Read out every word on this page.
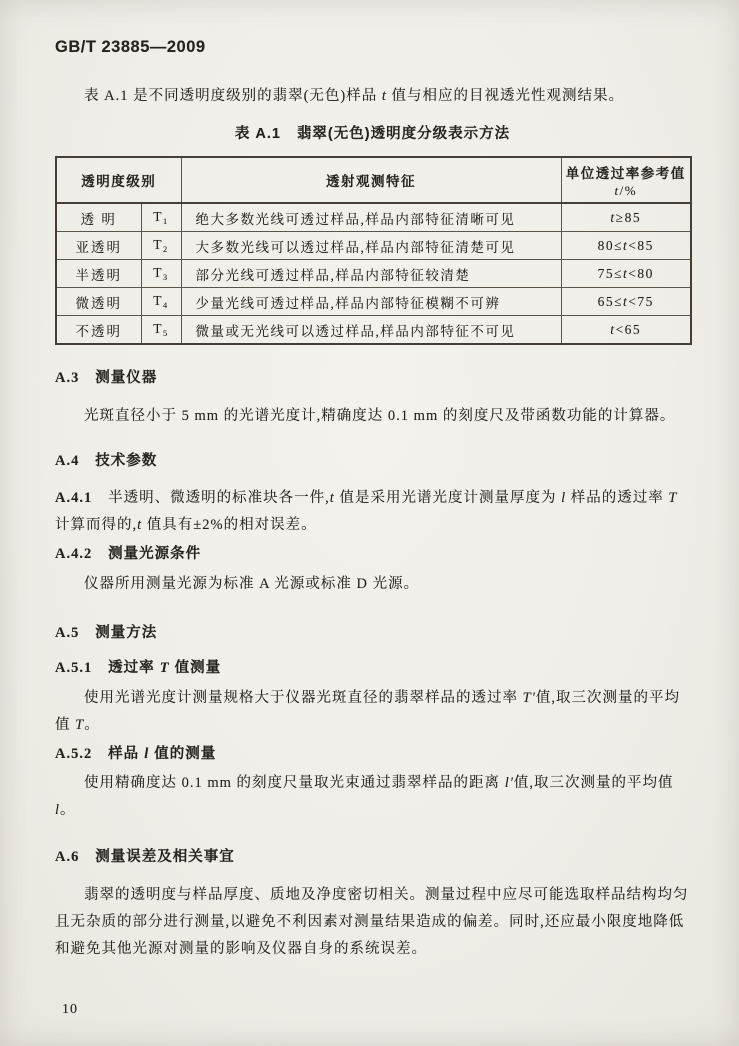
GB/T 23885—2009

表 A.1 是不同透明度级别的翡翠(无色)样品 t 值与相应的目视透光性观测结果。

表 A.1 翡翠(无色)透明度分级表示方法
透明度级别		透射观测特征	单位透过率参考值
t/%

透 明	$T_1$	绝大多数光线可透过样品,样品内部特征清晰可见	t≥85
亚透明	$T_2$	大多数光线可以透过样品,样品内部特征清楚可见	80≤t<85
半透明	$T_3$	部分光线可透过样品,样品内部特征较清楚	75≤t<80
微透明	$T_4$	少量光线可透过样品,样品内部特征模糊不可辨	65≤t<75
不透明	$T_5$	微量或无光线可以透过样品,样品内部特征不可见	t<65
A.3 测量仪器

光斑直径小于 5 mm 的光谱光度计,精确度达 0.1 mm 的刻度尺及带函数功能的计算器。

A.4 技术参数

A.4.1 半透明、微透明的标准块各一件,t 值是采用光谱光度计测量厚度为 l 样品的透过率 T 计算而得的,t 值具有±2%的相对误差。

A.4.2 测量光源条件

仪器所用测量光源为标准 A 光源或标准 D 光源。

A.5 测量方法
A.5.1 透过率 T 值测量

使用光谱光度计测量规格大于仪器光斑直径的翡翠样品的透过率 T′值,取三次测量的平均值 T。

A.5.2 样品 l 值的测量

使用精确度达 0.1 mm 的刻度尺量取光束通过翡翠样品的距离 l′值,取三次测量的平均值 l。

A.6 测量误差及相关事宜

翡翠的透明度与样品厚度、质地及净度密切相关。测量过程中应尽可能选取样品结构均匀且无杂质的部分进行测量,以避免不利因素对测量结果造成的偏差。同时,还应最小限度地降低和避免其他光源对测量的影响及仪器自身的系统误差。

10
